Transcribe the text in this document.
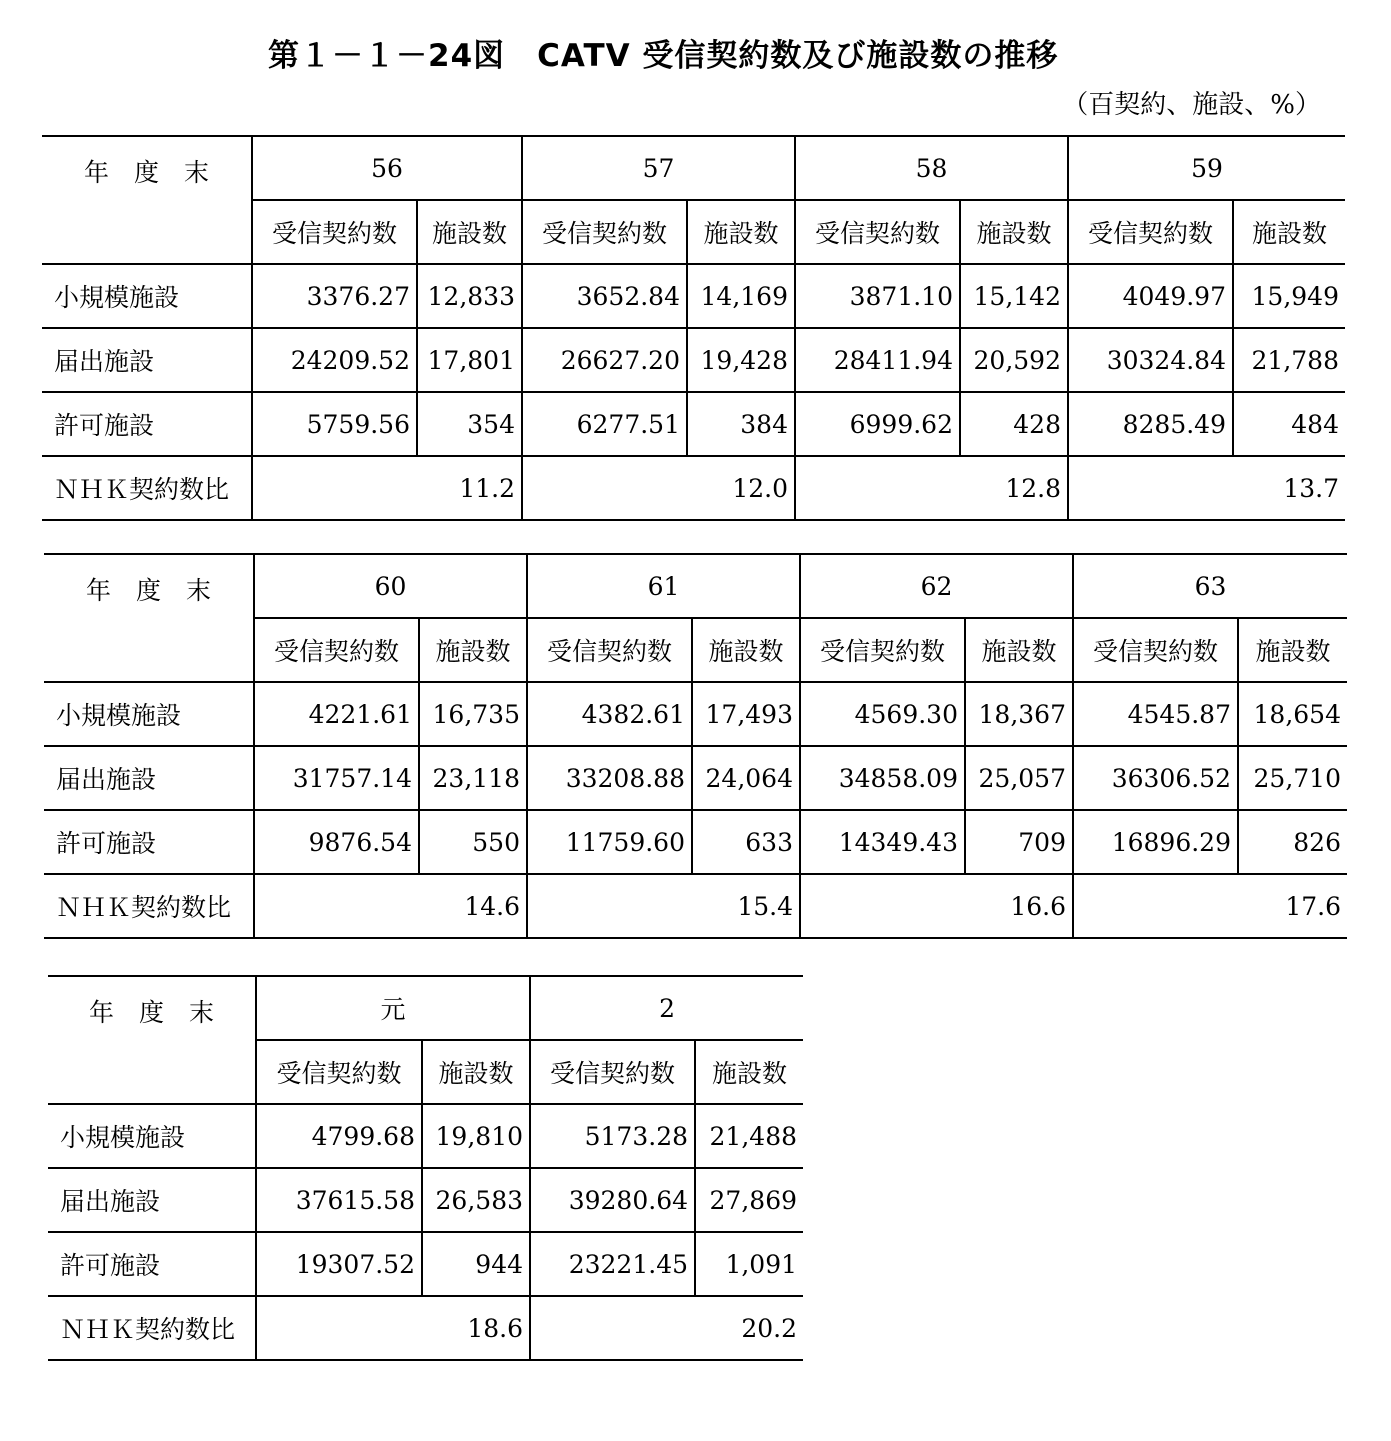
第１－１－24図　CATV 受信契約数及び施設数の推移
（百契約、施設、%）
年　度　末	56		57		58		59	
	受信契約数	施設数	受信契約数	施設数	受信契約数	施設数	受信契約数	施設数
小規模施設	3376.27	12,833	3652.84	14,169	3871.10	15,142	4049.97	15,949
届出施設	24209.52	17,801	26627.20	19,428	28411.94	20,592	30324.84	21,788
許可施設	5759.56	354	6277.51	384	6999.62	428	8285.49	484
ＮＨＫ契約数比	11.2		12.0		12.8		13.7	
年　度　末	60		61		62		63	
	受信契約数	施設数	受信契約数	施設数	受信契約数	施設数	受信契約数	施設数
小規模施設	4221.61	16,735	4382.61	17,493	4569.30	18,367	4545.87	18,654
届出施設	31757.14	23,118	33208.88	24,064	34858.09	25,057	36306.52	25,710
許可施設	9876.54	550	11759.60	633	14349.43	709	16896.29	826
ＮＨＫ契約数比	14.6		15.4		16.6		17.6	
年　度　末	元		2	
	受信契約数	施設数	受信契約数	施設数
小規模施設	4799.68	19,810	5173.28	21,488
届出施設	37615.58	26,583	39280.64	27,869
許可施設	19307.52	944	23221.45	1,091
ＮＨＫ契約数比	18.6		20.2	
